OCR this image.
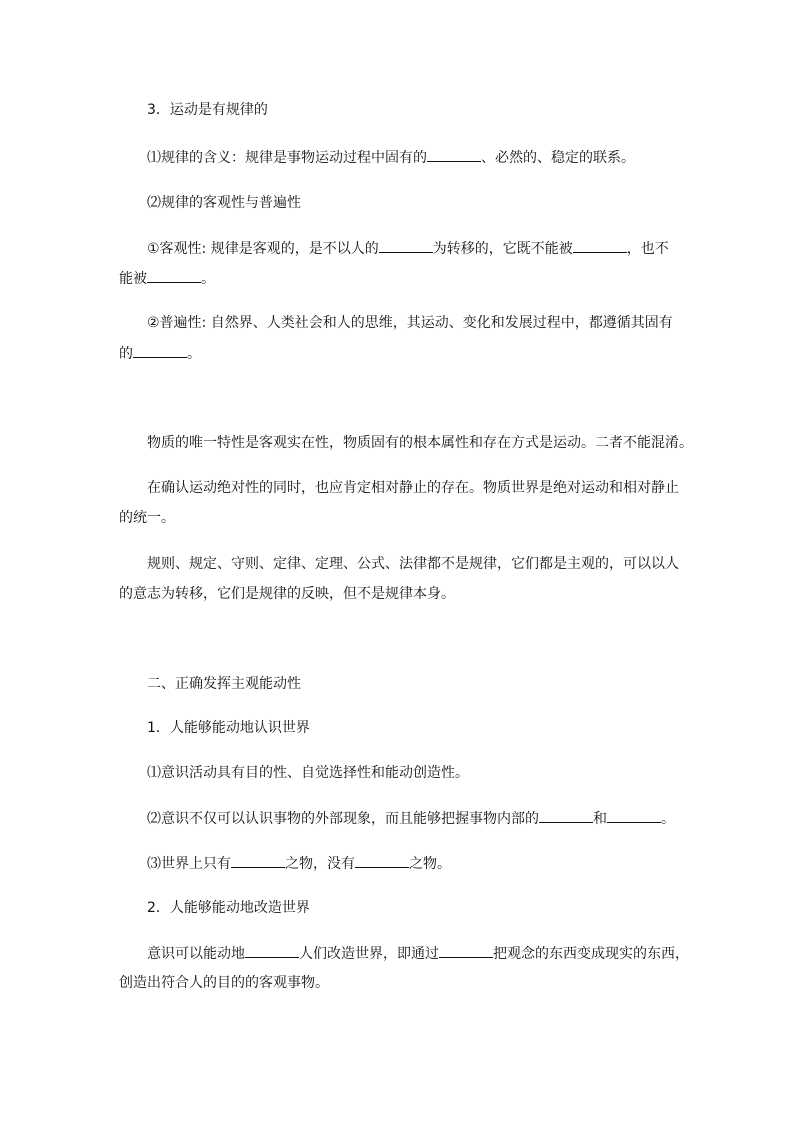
3．运动是有规律的
⑴规律的含义：规律是事物运动过程中固有的	、必然的、稳定的联系。
⑵规律的客观性与普遍性
①客观性: 规律是客观的，是不以人的	为转移的，它既不能被	，也不
能被	。
②普遍性: 自然界、人类社会和人的思维，其运动、变化和发展过程中，都遵循其固有
的	。
物质的唯一特性是客观实在性，物质固有的根本属性和存在方式是运动。二者不能混淆。
在确认运动绝对性的同时，也应肯定相对静止的存在。物质世界是绝对运动和相对静止
的统一。
规则、规定、守则、定律、定理、公式、法律都不是规律，它们都是主观的，可以以人
的意志为转移，它们是规律的反映，但不是规律本身。
二、正确发挥主观能动性
1．人能够能动地认识世界
⑴意识活动具有目的性、自觉选择性和能动创造性。
⑵意识不仅可以认识事物的外部现象，而且能够把握事物内部的	和	。
⑶世界上只有	之物，没有	之物。
2．人能够能动地改造世界
意识可以能动地	人们改造世界，即通过	把观念的东西变成现实的东西，
创造出符合人的目的的客观事物。
